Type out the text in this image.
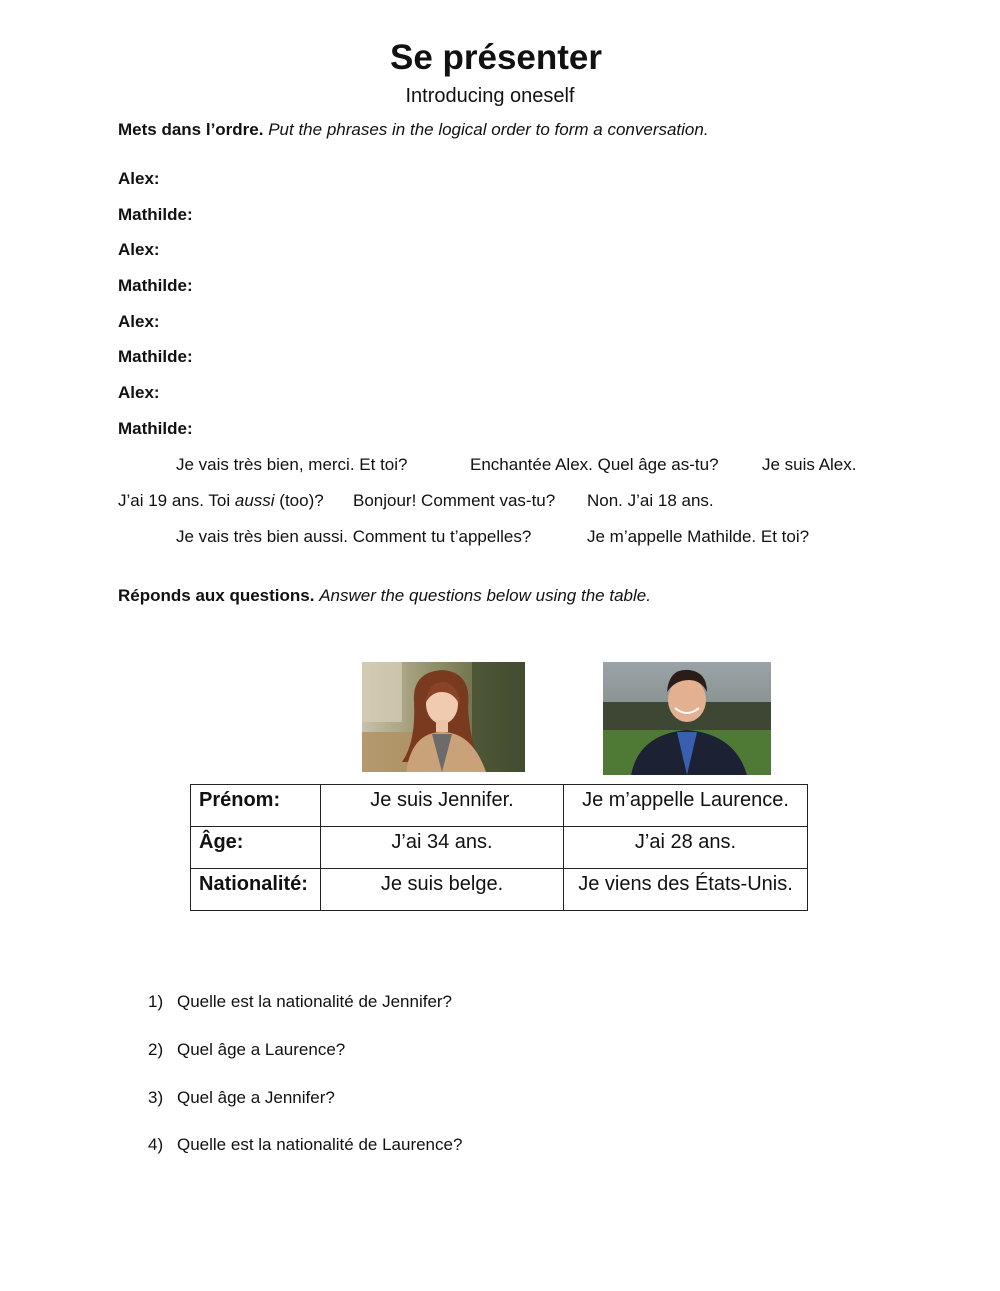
Se présenter
Introducing oneself
Mets dans l’ordre. Put the phrases in the logical order to form a conversation.
Alex:
Mathilde:
Alex:
Mathilde:
Alex:
Mathilde:
Alex:
Mathilde:
Je vais très bien, merci. Et toi?	Enchantée Alex. Quel âge as-tu?	Je suis Alex.
J’ai 19 ans. Toi aussi (too)? Bonjour! Comment vas-tu? Non. J’ai 18 ans.
Je vais très bien aussi. Comment tu t’appelles?	Je m’appelle Mathilde. Et toi?
Réponds aux questions. Answer the questions below using the table.
Prénom:	Je suis Jennifer.	Je m’appelle Laurence.
Âge:	J’ai 34 ans.	J’ai 28 ans.
Nationalité:	Je suis belge.	Je viens des États-Unis.
1) Quelle est la nationalité de Jennifer?
2) Quel âge a Laurence?
3) Quel âge a Jennifer?
4) Quelle est la nationalité de Laurence?
